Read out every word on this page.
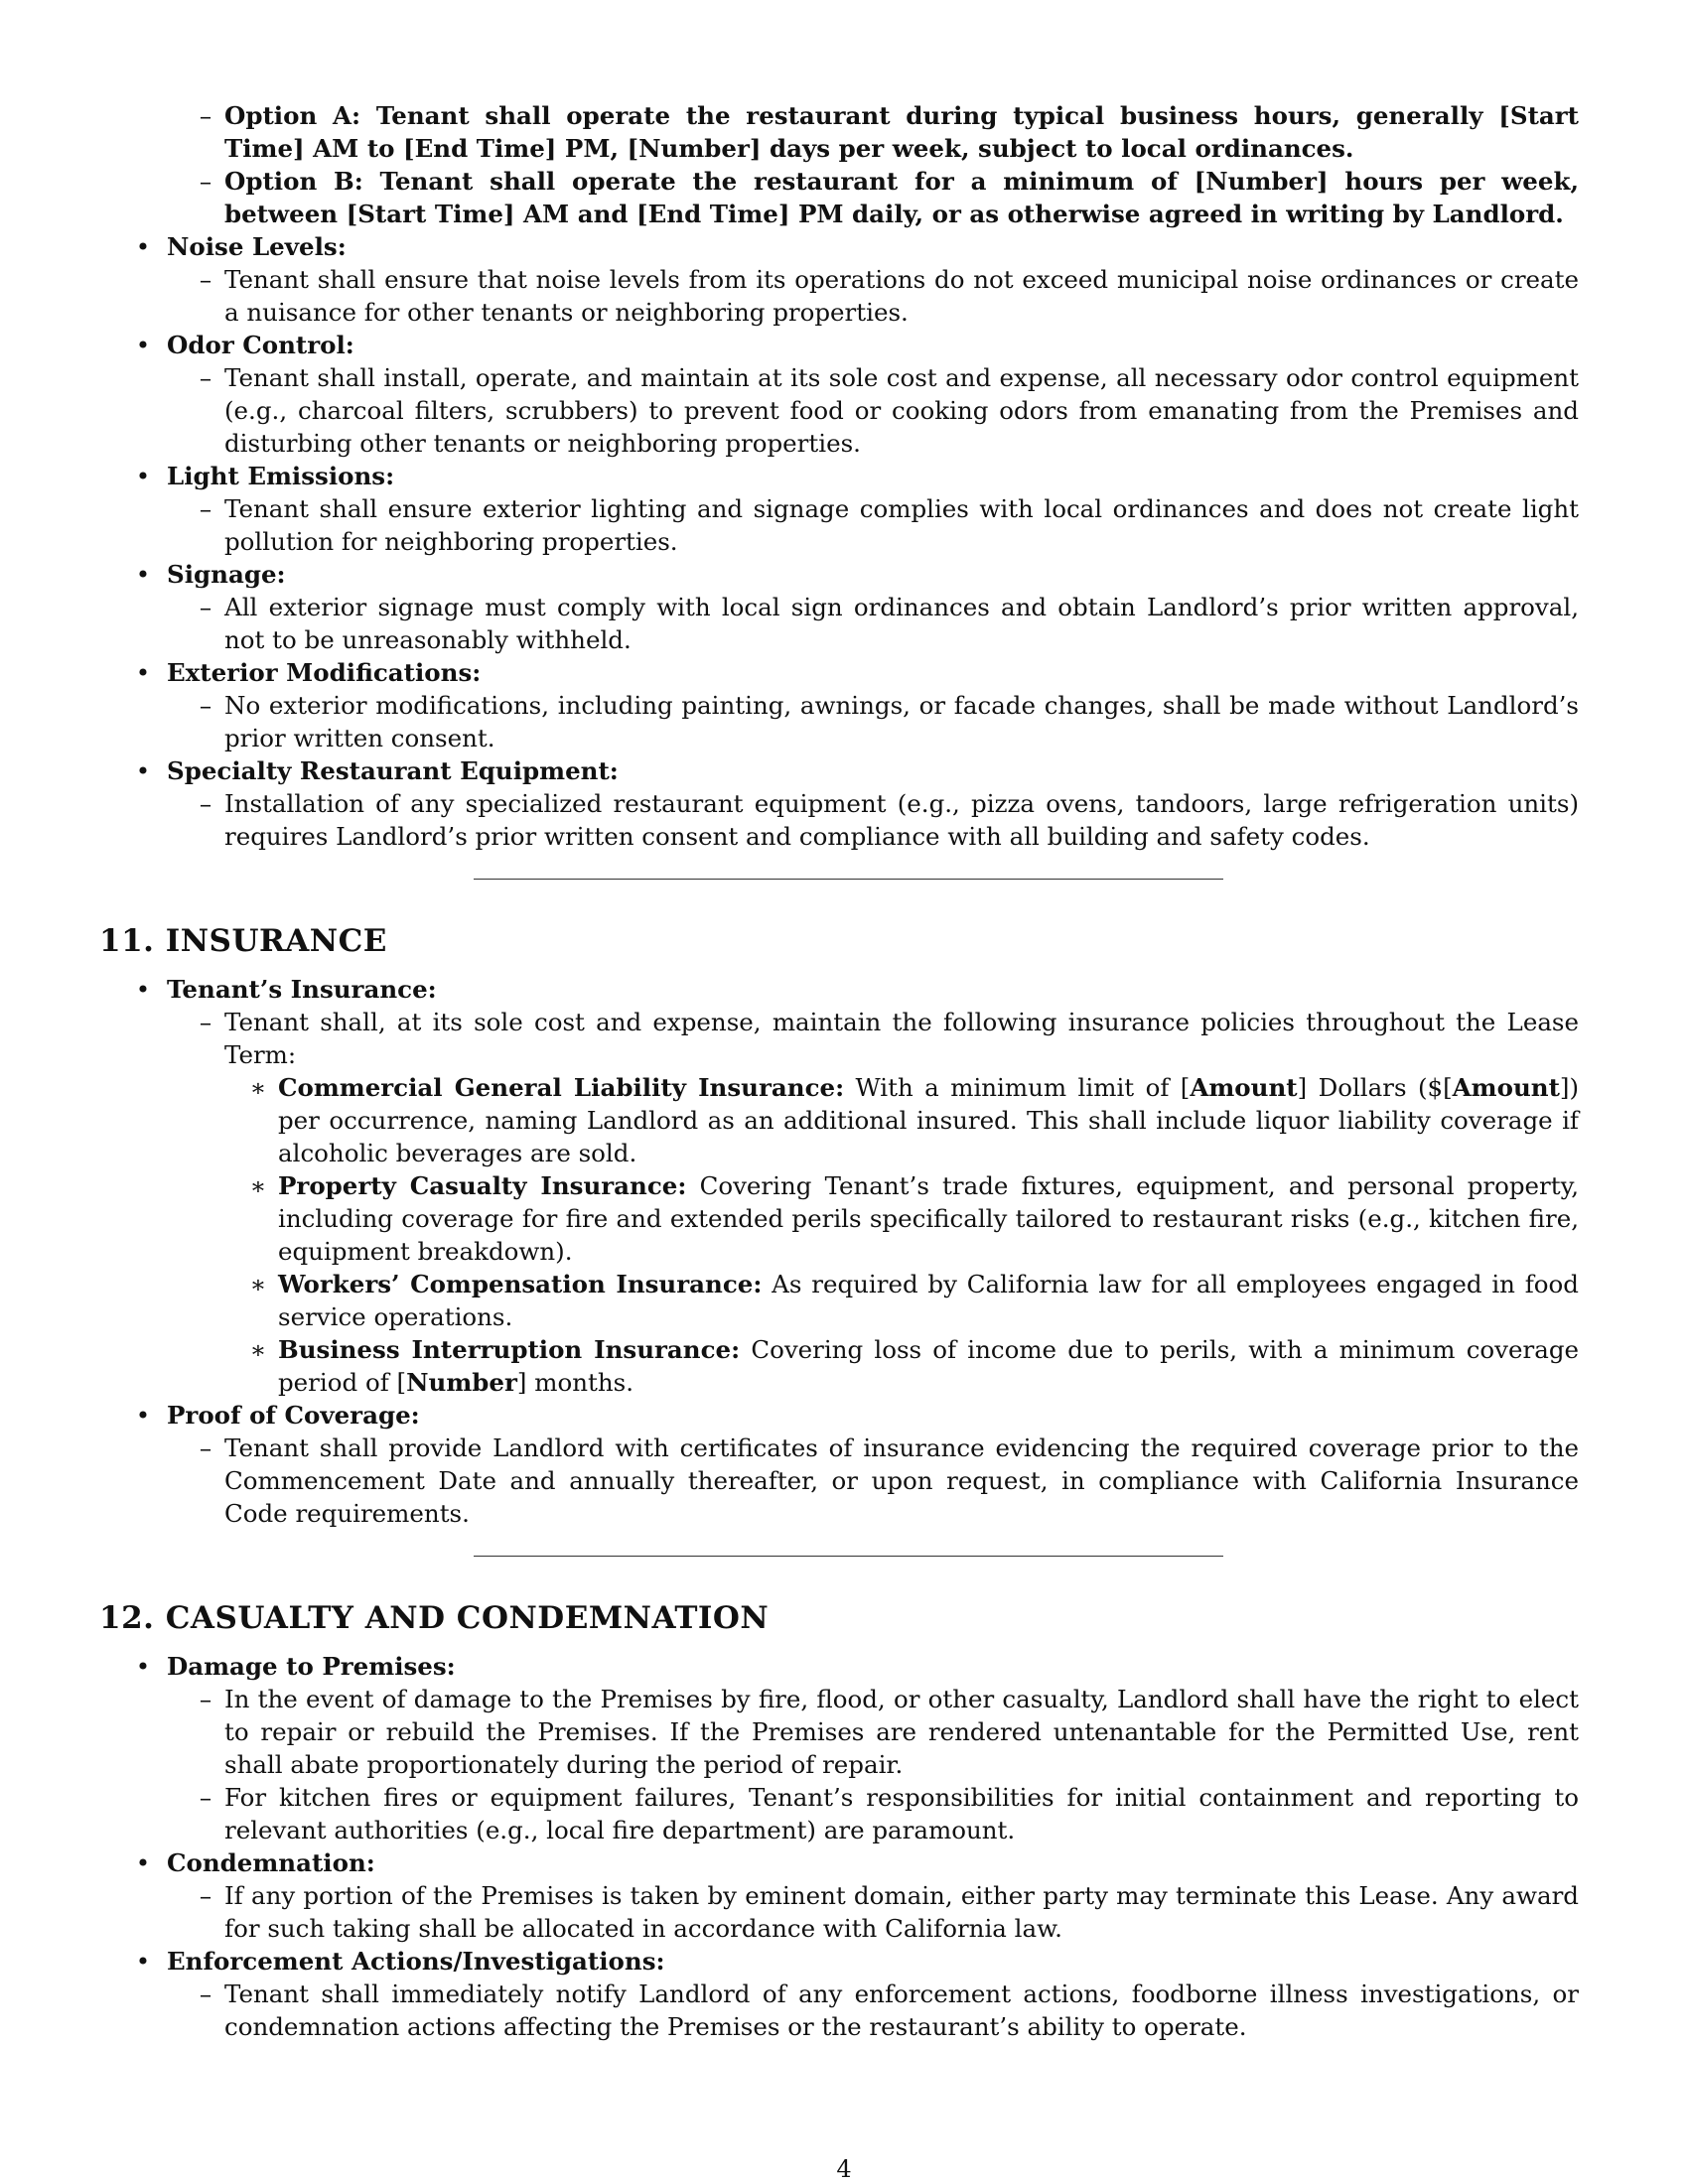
– Option A: Tenant shall operate the restaurant during typical business hours, generally [Start Time] AM to [End Time] PM, [Number] days per week, subject to local ordinances.
– Option B: Tenant shall operate the restaurant for a minimum of [Number] hours per week, between [Start Time] AM and [End Time] PM daily, or as otherwise agreed in writing by Landlord.
• Noise Levels:
– Tenant shall ensure that noise levels from its operations do not exceed municipal noise ordinances or create a nuisance for other tenants or neighboring properties.
• Odor Control:
– Tenant shall install, operate, and maintain at its sole cost and expense, all necessary odor control equipment (e.g., charcoal filters, scrubbers) to prevent food or cooking odors from emanating from the Premises and disturbing other tenants or neighboring properties.
• Light Emissions:
– Tenant shall ensure exterior lighting and signage complies with local ordinances and does not create light pollution for neighboring properties.
• Signage:
– All exterior signage must comply with local sign ordinances and obtain Landlord’s prior written approval, not to be unreasonably withheld.
• Exterior Modifications:
– No exterior modifications, including painting, awnings, or facade changes, shall be made without Landlord’s prior written consent.
• Specialty Restaurant Equipment:
– Installation of any specialized restaurant equipment (e.g., pizza ovens, tandoors, large refrigeration units) requires Landlord’s prior written consent and compliance with all building and safety codes.
11. INSURANCE
• Tenant’s Insurance:
– Tenant shall, at its sole cost and expense, maintain the following insurance policies throughout the Lease Term:
∗ Commercial General Liability Insurance: With a minimum limit of [Amount] Dollars ($[Amount]) per occurrence, naming Landlord as an additional insured. This shall include liquor liability coverage if alcoholic beverages are sold.
∗ Property Casualty Insurance: Covering Tenant’s trade fixtures, equipment, and personal property, including coverage for fire and extended perils specifically tailored to restaurant risks (e.g., kitchen fire, equipment breakdown).
∗ Workers’ Compensation Insurance: As required by California law for all employees engaged in food service operations.
∗ Business Interruption Insurance: Covering loss of income due to perils, with a minimum coverage period of [Number] months.
• Proof of Coverage:
– Tenant shall provide Landlord with certificates of insurance evidencing the required coverage prior to the Commencement Date and annually thereafter, or upon request, in compliance with California Insurance Code requirements.
12. CASUALTY AND CONDEMNATION
• Damage to Premises:
– In the event of damage to the Premises by fire, flood, or other casualty, Landlord shall have the right to elect to repair or rebuild the Premises. If the Premises are rendered untenantable for the Permitted Use, rent shall abate proportionately during the period of repair.
– For kitchen fires or equipment failures, Tenant’s responsibilities for initial containment and reporting to relevant authorities (e.g., local fire department) are paramount.
• Condemnation:
– If any portion of the Premises is taken by eminent domain, either party may terminate this Lease. Any award for such taking shall be allocated in accordance with California law.
• Enforcement Actions/Investigations:
– Tenant shall immediately notify Landlord of any enforcement actions, foodborne illness investigations, or condemnation actions affecting the Premises or the restaurant’s ability to operate.
4
